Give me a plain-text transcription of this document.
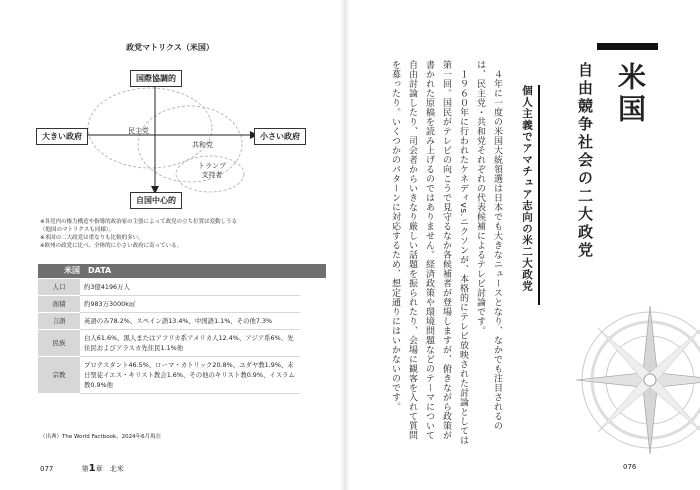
政党マトリクス（米国）
国際協調的
自国中心的
大きい政府	小さい政府
民主党
共和党
トランプ
支持者
※各党内の権力構造や指導的政治家の主張によって政党の立ち位置は変動しうる
（他国のマトリクスも同様）。
※米国の二大政党は重なりも比較的多い。
※欧州の政党に比べ、全体的に小さい政府に寄っている。
米国　DATA
人口	約3億4196万人
面積	約983万3000k㎡
言語	英語のみ78.2%、スペイン語13.4%、中国語1.1%、その他7.3%
民族	白人61.6%、黒人またはアフリカ系アメリカ人12.4%、アジア系6%、先住民およびアラスカ先住民1.1%他
宗教	プロテスタント46.5%、ローマ・カトリック20.8%、ユダヤ教1.9%、末日聖徒イエス・キリスト教会1.6%、その他のキリスト教0.9%、イスラム教0.9%他
（出典）The World Factbook、2024年6月現在
077	第1章　北米
　４年に一度の米国大統領選は日本でも大きなニュースとなり、なかでも注目されるのは、民主党・共和党それぞれの代表候補によるテレビ討論です。
　１９６０年に行われたケネディvs.ニクソンが、本格的にテレビ放映された討論としては第一回。国民がテレビの向こうで見守るなか各候補者が登場しますが、俯きながら政策が書かれた原稿を読み上げるのではありません。経済政策や環境問題などのテーマについて自由討論したり、司会者からいきなり厳しい話題を振られたり、会場に観客を入れて質問を募ったり。いくつかのパターンに対応するため、想定通りにはいかないのです。	個人主義でアマチュア志向の米二大政党	米国
自由競争社会の二大政党
076
